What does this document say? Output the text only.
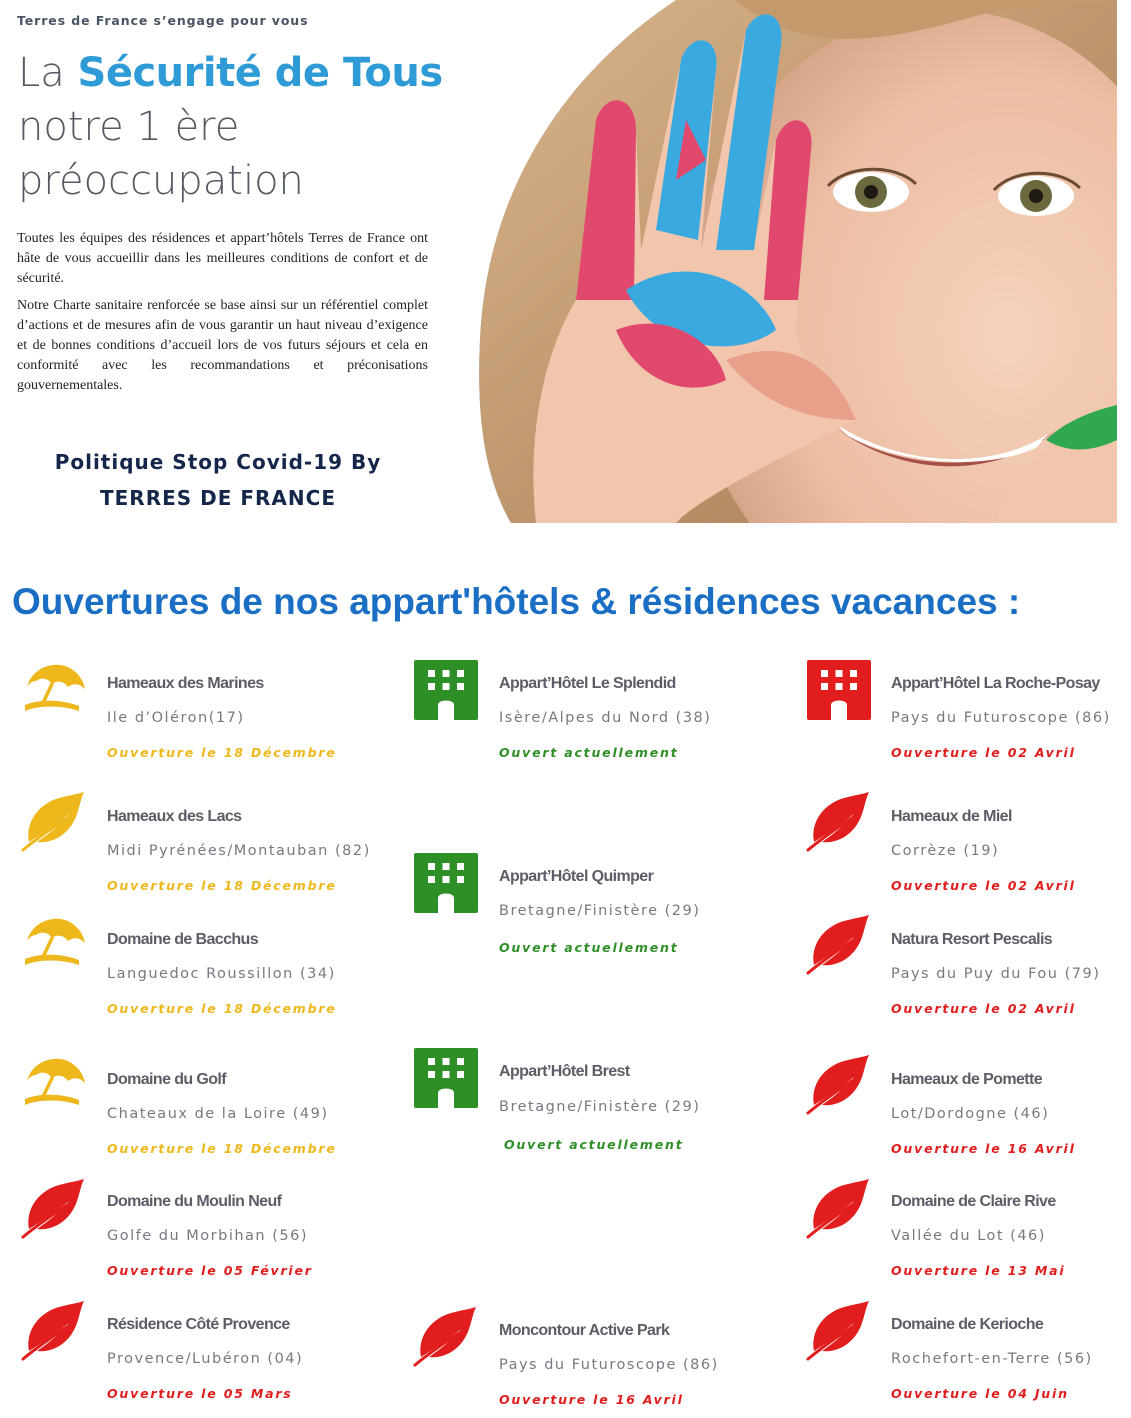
Terres de France s’engage pour vous
La Sécurité de Tous
notre 1 ère
préoccupation

Toutes les équipes des résidences et appart’hôtels Terres de France ont hâte de vous accueillir dans les meilleures conditions de confort et de sécurité.

Notre Charte sanitaire renforcée se base ainsi sur un référentiel complet d’actions et de mesures afin de vous garantir un haut niveau d’exigence et de bonnes conditions d’accueil lors de vos futurs séjours et cela en conformité avec les recommandations et préconisations gouvernementales.

Politique Stop Covid-19 By
TERRES DE FRANCE
Ouvertures de nos appart'hôtels & résidences vacances :
Hameaux des Marines
Ile d’Oléron(17)
Ouverture le 18 Décembre
Hameaux des Lacs
Midi Pyrénées/Montauban (82)
Ouverture le 18 Décembre
Domaine de Bacchus
Languedoc Roussillon (34)
Ouverture le 18 Décembre
Domaine du Golf
Chateaux de la Loire (49)
Ouverture le 18 Décembre
Domaine du Moulin Neuf
Golfe du Morbihan (56)
Ouverture le 05 Février
Résidence Côté Provence
Provence/Lubéron (04)
Ouverture le 05 Mars
Appart’Hôtel Le Splendid
Isère/Alpes du Nord (38)
Ouvert actuellement
Appart’Hôtel Quimper
Bretagne/Finistère (29)
Ouvert actuellement
Appart’Hôtel Brest
Bretagne/Finistère (29)
Ouvert actuellement
Moncontour Active Park
Pays du Futuroscope (86)
Ouverture le 16 Avril
Appart’Hôtel La Roche-Posay
Pays du Futuroscope (86)
Ouverture le 02 Avril
Hameaux de Miel
Corrèze (19)
Ouverture le 02 Avril
Natura Resort Pescalis
Pays du Puy du Fou (79)
Ouverture le 02 Avril
Hameaux de Pomette
Lot/Dordogne (46)
Ouverture le 16 Avril
Domaine de Claire Rive
Vallée du Lot (46)
Ouverture le 13 Mai
Domaine de Kerioche
Rochefort-en-Terre (56)
Ouverture le 04 Juin
